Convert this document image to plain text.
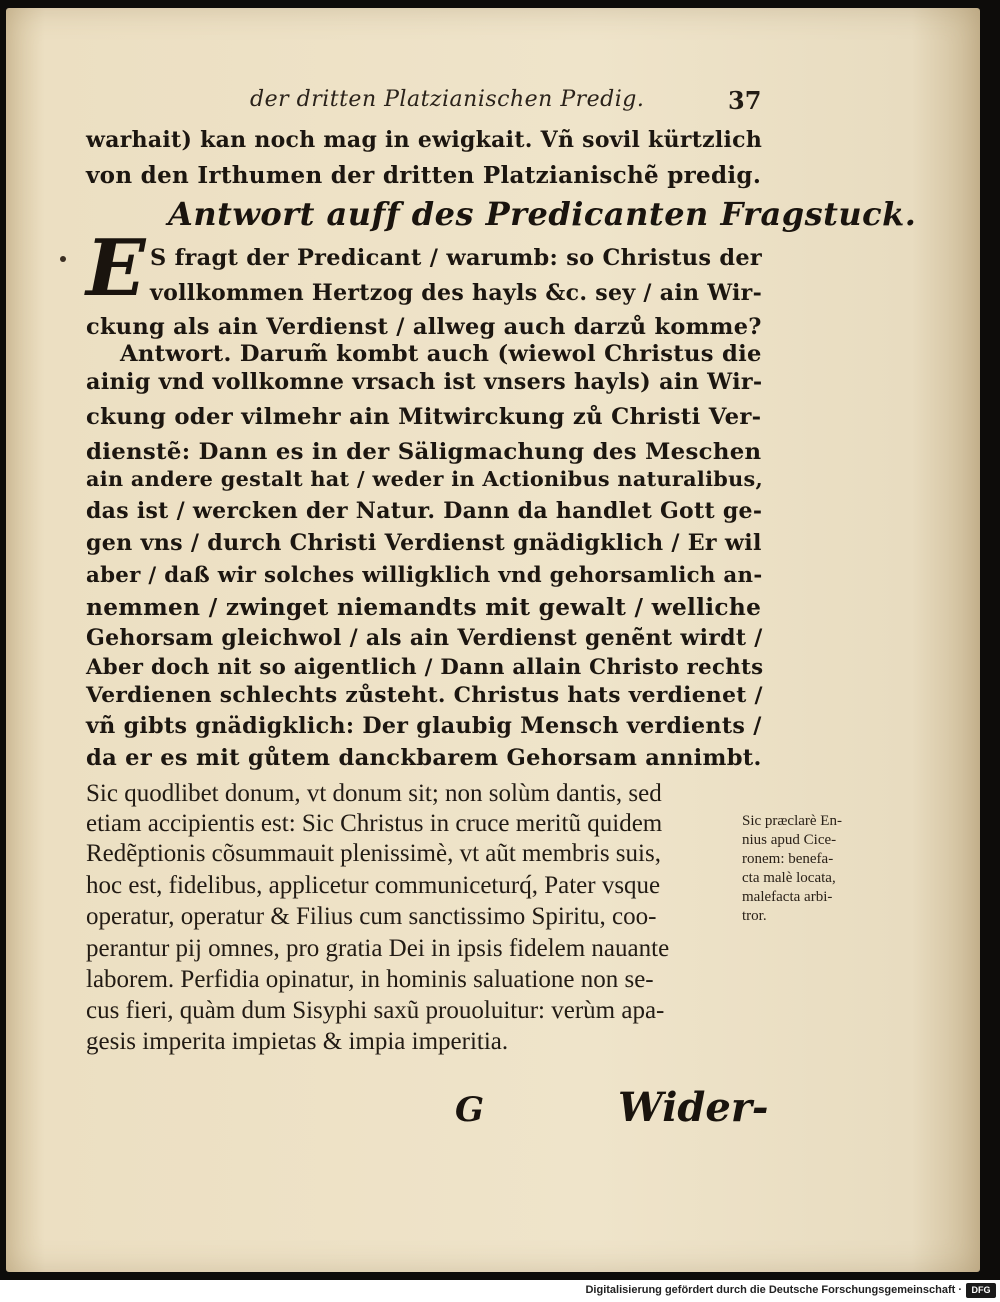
der dritten Platzianischen Predig.	37
warhait) kan noch mag in ewigkait. Vñ sovil kürtzlich
von den Irthumen der dritten Platzianischẽ predig.
Antwort auff des Predicanten Fragstuck.
E S fragt der Predicant / warumb: so Christus der
vollkommen Hertzog des hayls &c. sey / ain Wir-
ckung als ain Verdienst / allweg auch darzů komme?
Antwort. Darum̃ kombt auch (wiewol Christus die
ainig vnd vollkomne vrsach ist vnsers hayls) ain Wir-
ckung oder vilmehr ain Mitwirckung zů Christi Ver-
dienstẽ: Dann es in der Säligmachung des Meschen
ain andere gestalt hat / weder in Actionibus naturalibus,
das ist / wercken der Natur. Dann da handlet Gott ge-
gen vns / durch Christi Verdienst gnädigklich / Er wil
aber / daß wir solches willigklich vnd gehorsamlich an-
nemmen / zwinget niemandts mit gewalt / welliche
Gehorsam gleichwol / als ain Verdienst genẽnt wirdt /
Aber doch nit so aigentlich / Dann allain Christo rechts
Verdienen schlechts zůsteht. Christus hats verdienet /
vñ gibts gnädigklich: Der glaubig Mensch verdients /
da er es mit gůtem danckbarem Gehorsam annimbt.
Sic quodlibet donum, vt donum sit; non solùm dantis, sed
etiam accipientis est: Sic Christus in cruce meritũ quidem
Redẽptionis cõsummauit plenissimè, vt aũt membris suis,
hoc est, fidelibus, applicetur communiceturq́, Pater vsque
operatur, operatur & Filius cum sanctissimo Spiritu, coo-
perantur pij omnes, pro gratia Dei in ipsis fidelem nauante
laborem. Perfidia opinatur, in hominis saluatione non se-
cus fieri, quàm dum Sisyphi saxũ prouoluitur: verùm apa-
gesis imperita impietas & impia imperitia.
Sic præclarè En-
nius apud Cice-
ronem: benefa-
cta malè locata,
malefacta arbi-
tror.
G	Wider-
Digitalisierung gefördert durch die Deutsche Forschungsgemeinschaft ·	DFG
